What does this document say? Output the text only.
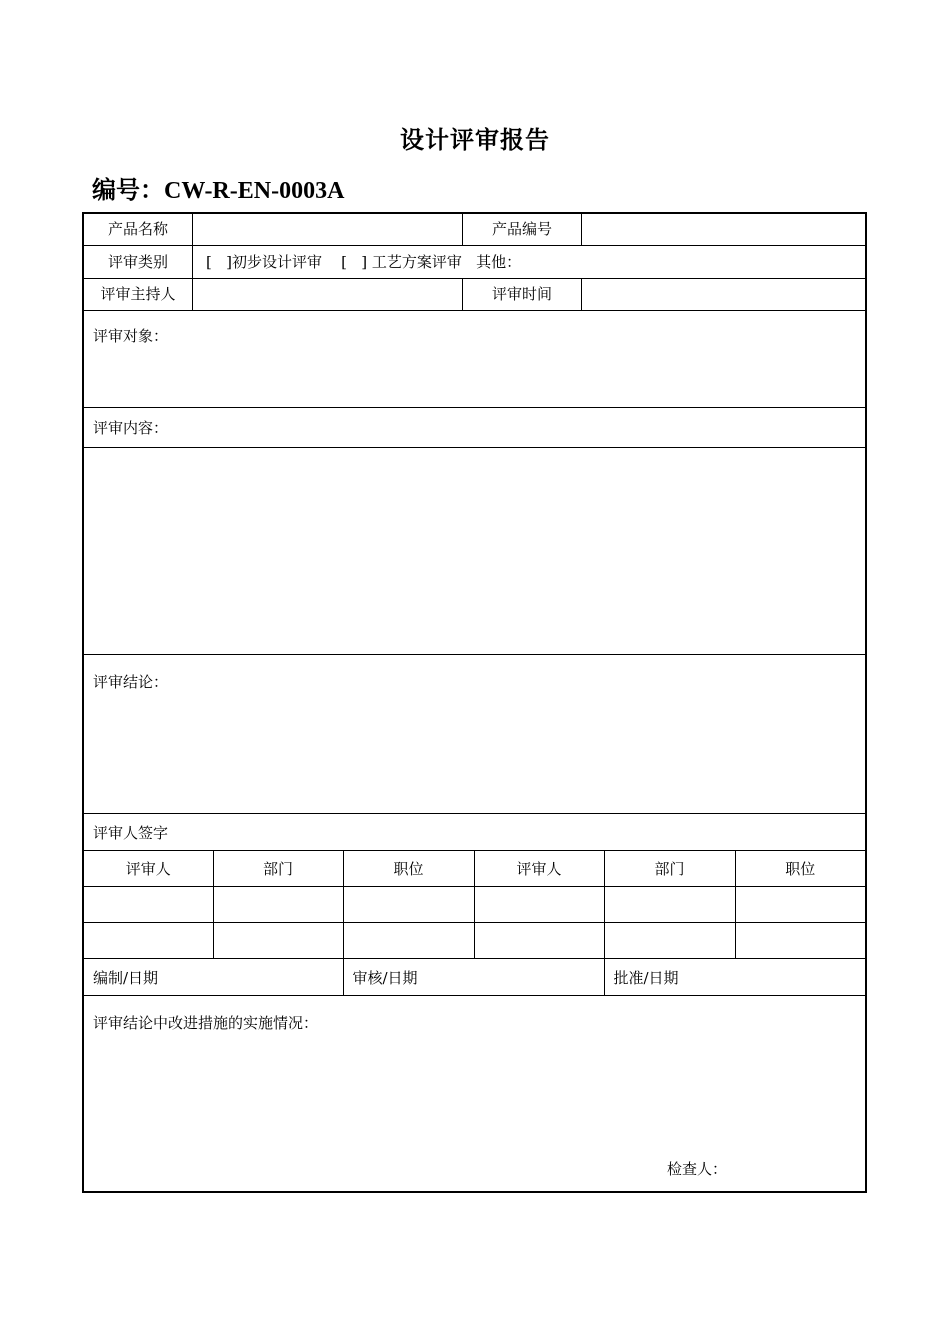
设计评审报告
编号：CW-R-EN-0003A
产品名称 产品编号					

评审类别 [   ]初步设计评审    [   ] 工艺方案评审   其他：					

评审主持人 评审时间					

评审对象：					
评审内容：					

评审结论：					
评审人签字					
评审人	部门	职位	评审人	部门	职位

编制/日期		审核/日期		批准/日期	
评审结论中改进措施的实施情况：
检查人：					
